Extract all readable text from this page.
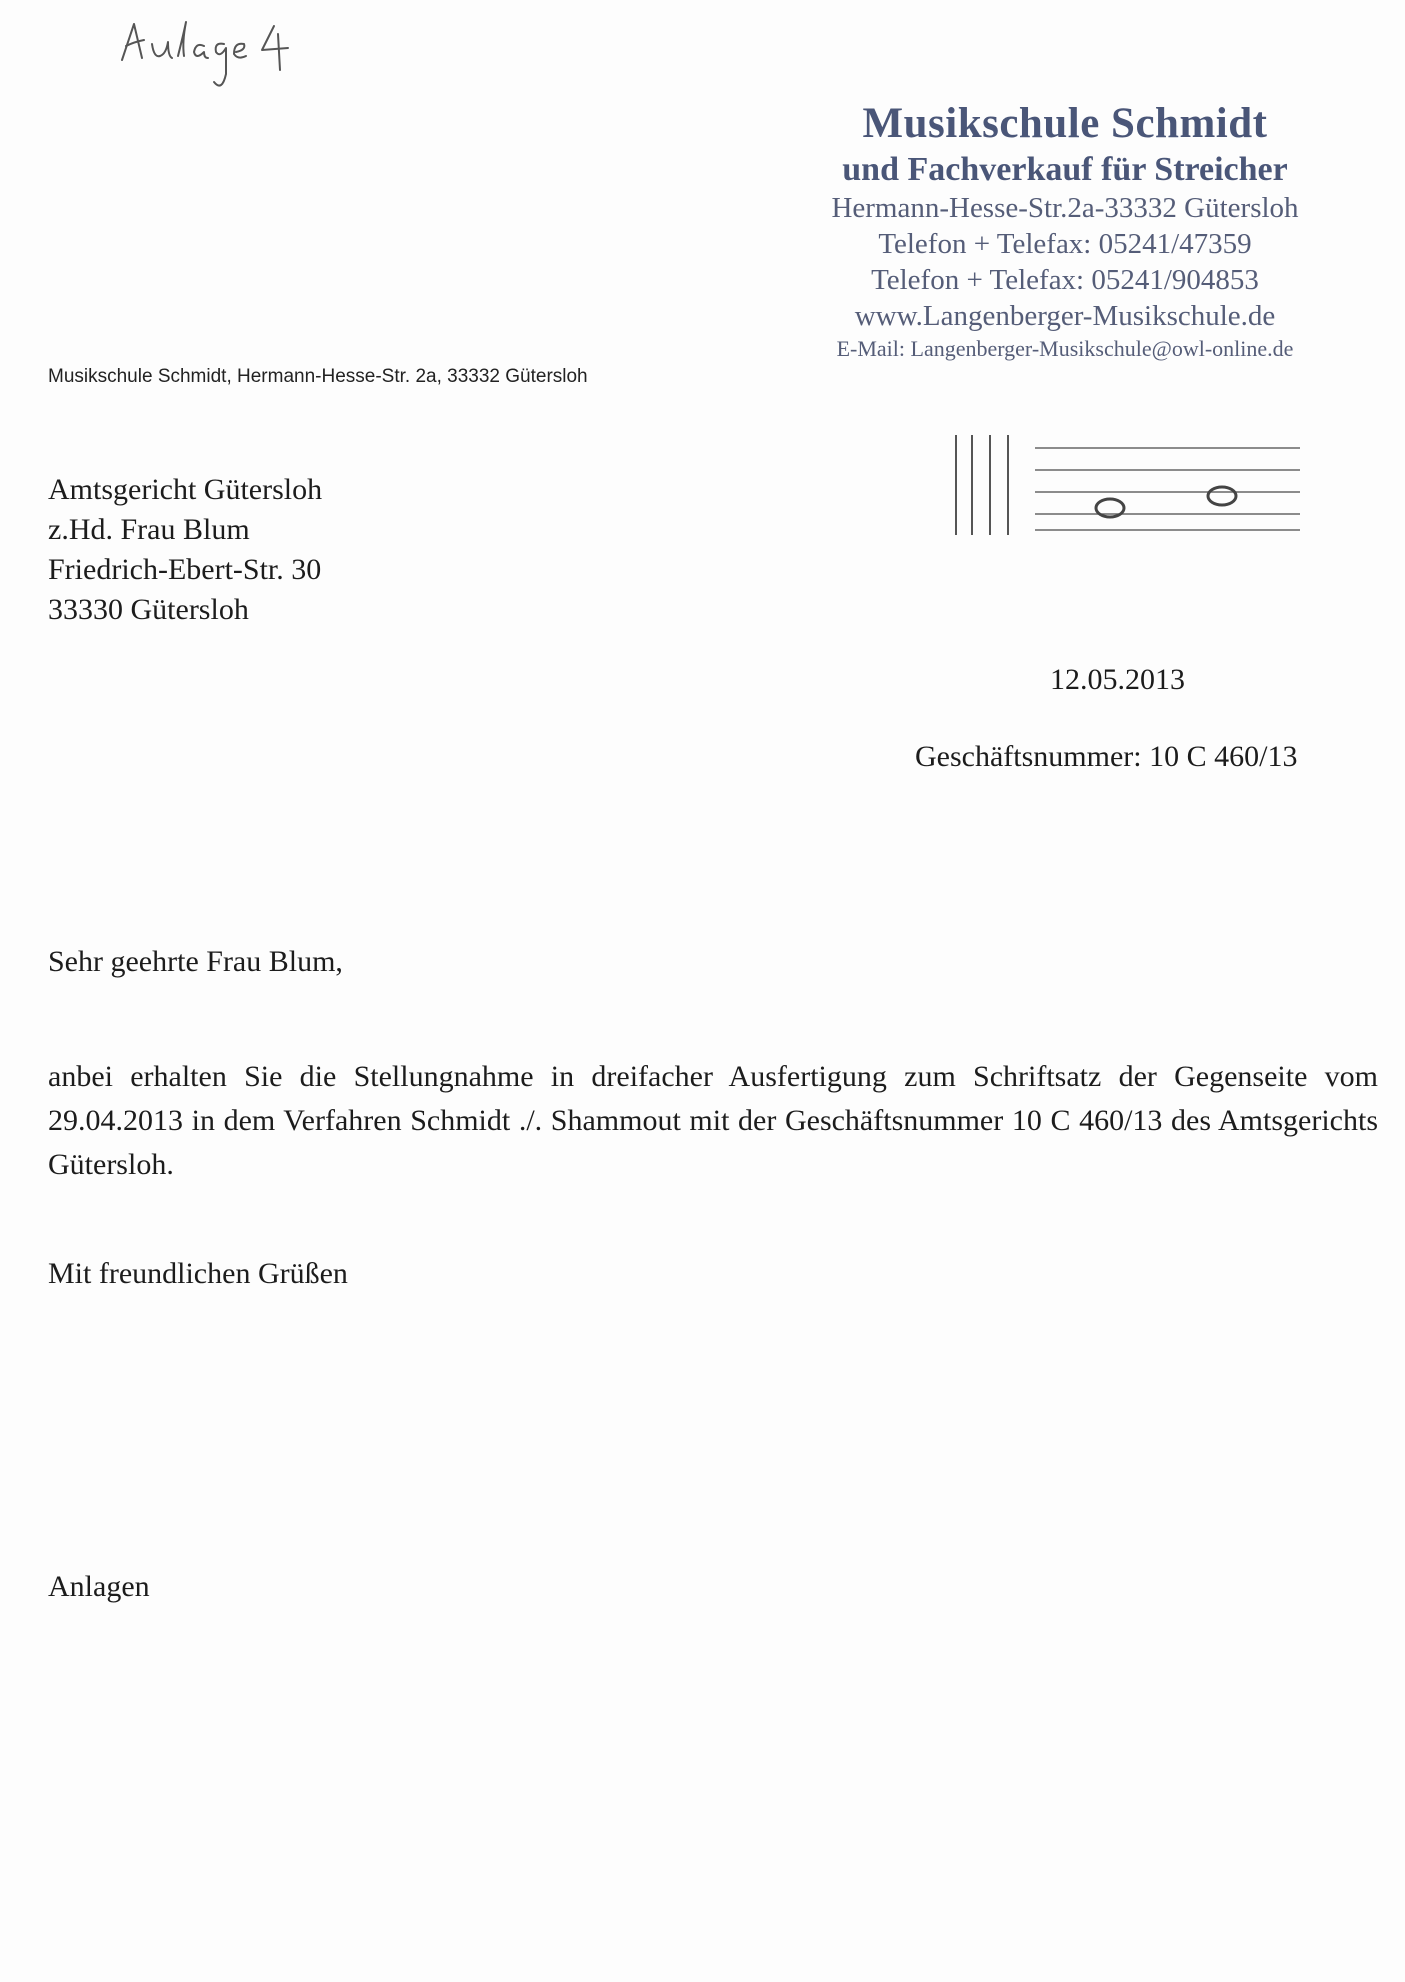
Musikschule Schmidt
und Fachverkauf für Streicher
Hermann-Hesse-Str.2a-33332 Gütersloh
Telefon + Telefax: 05241/47359
Telefon + Telefax: 05241/904853
www.Langenberger-Musikschule.de
E-Mail: Langenberger-Musikschule@owl-online.de
Musikschule Schmidt, Hermann-Hesse-Str. 2a, 33332 Gütersloh
Amtsgericht Gütersloh
z.Hd. Frau Blum
Friedrich-Ebert-Str. 30
33330 Gütersloh
12.05.2013
Geschäftsnummer: 10 C 460/13
Sehr geehrte Frau Blum,
anbei erhalten Sie die Stellungnahme in dreifacher Ausfertigung zum Schriftsatz der Gegenseite vom 29.04.2013 in dem Verfahren Schmidt ./. Shammout mit der Geschäftsnummer 10 C 460/13 des Amtsgerichts Gütersloh.
Mit freundlichen Grüßen
Anlagen
